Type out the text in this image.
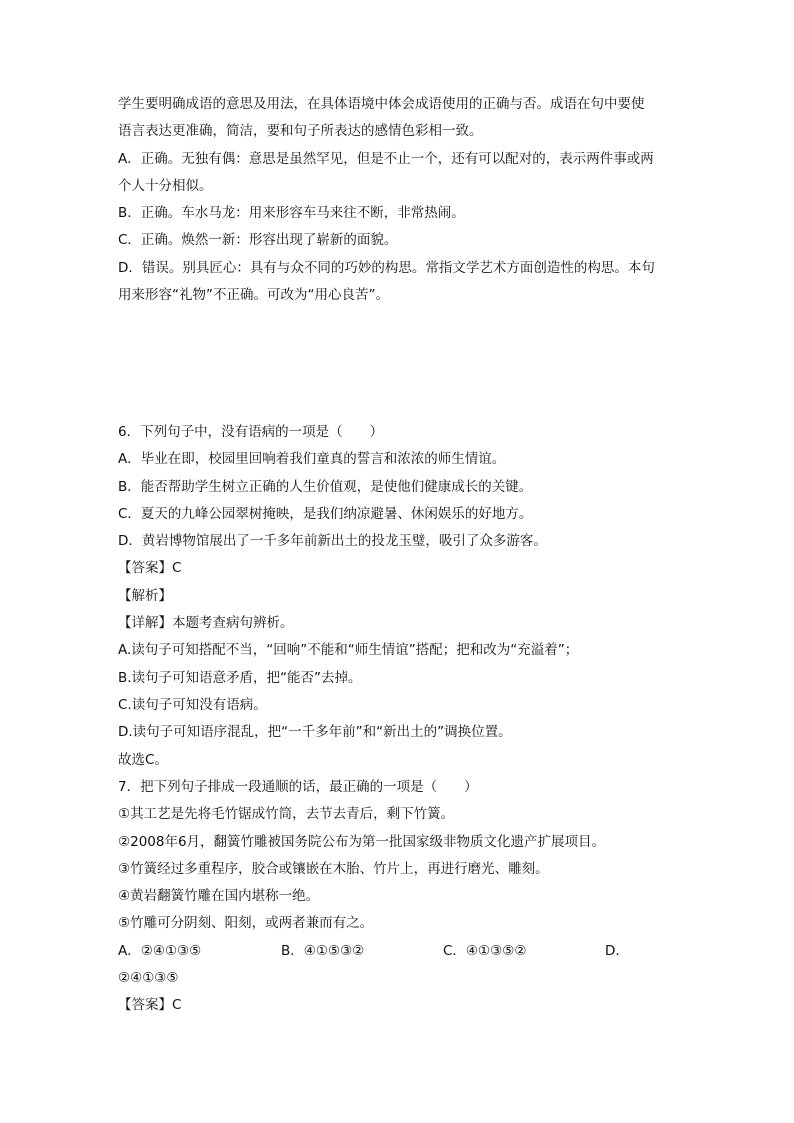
学生要明确成语的意思及用法，在具体语境中体会成语使用的正确与否。成语在句中要使
语言表达更准确，简洁，要和句子所表达的感情色彩相一致。
A．正确。无独有偶：意思是虽然罕见，但是不止一个，还有可以配对的，表示两件事或两
个人十分相似。
B．正确。车水马龙：用来形容车马来往不断，非常热闹。
C．正确。焕然一新：形容出现了崭新的面貌。
D．错误。别具匠心：具有与众不同的巧妙的构思。常指文学艺术方面创造性的构思。本句
用来形容“礼物”不正确。可改为“用心良苦”。
6．下列句子中，没有语病的一项是（　　）
A．毕业在即，校园里回响着我们童真的誓言和浓浓的师生情谊。
B．能否帮助学生树立正确的人生价值观，是使他们健康成长的关键。
C．夏天的九峰公园翠树掩映，是我们纳凉避暑、休闲娱乐的好地方。
D．黄岩博物馆展出了一千多年前新出土的投龙玉璧，吸引了众多游客。
【答案】C
【解析】
【详解】本题考查病句辨析。
A.读句子可知搭配不当，“回响”不能和“师生情谊”搭配；把和改为“充溢着”；
B.读句子可知语意矛盾，把“能否”去掉。
C.读句子可知没有语病。
D.读句子可知语序混乱，把“一千多年前”和“新出土的”调换位置。
故选C。
7．把下列句子排成一段通顺的话，最正确的一项是（　　）
①其工艺是先将毛竹锯成竹筒，去节去青后，剩下竹簧。
②2008年6月，翻簧竹雕被国务院公布为第一批国家级非物质文化遗产扩展项目。
③竹簧经过多重程序，胶合或镶嵌在木胎、竹片上，再进行磨光、雕刻。
④黄岩翻簧竹雕在国内堪称一绝。
⑤竹雕可分阴刻、阳刻，或两者兼而有之。
A．②④①③⑤	B．④①⑤③②	C．④①③⑤②	D．
②④①③⑤
【答案】C
